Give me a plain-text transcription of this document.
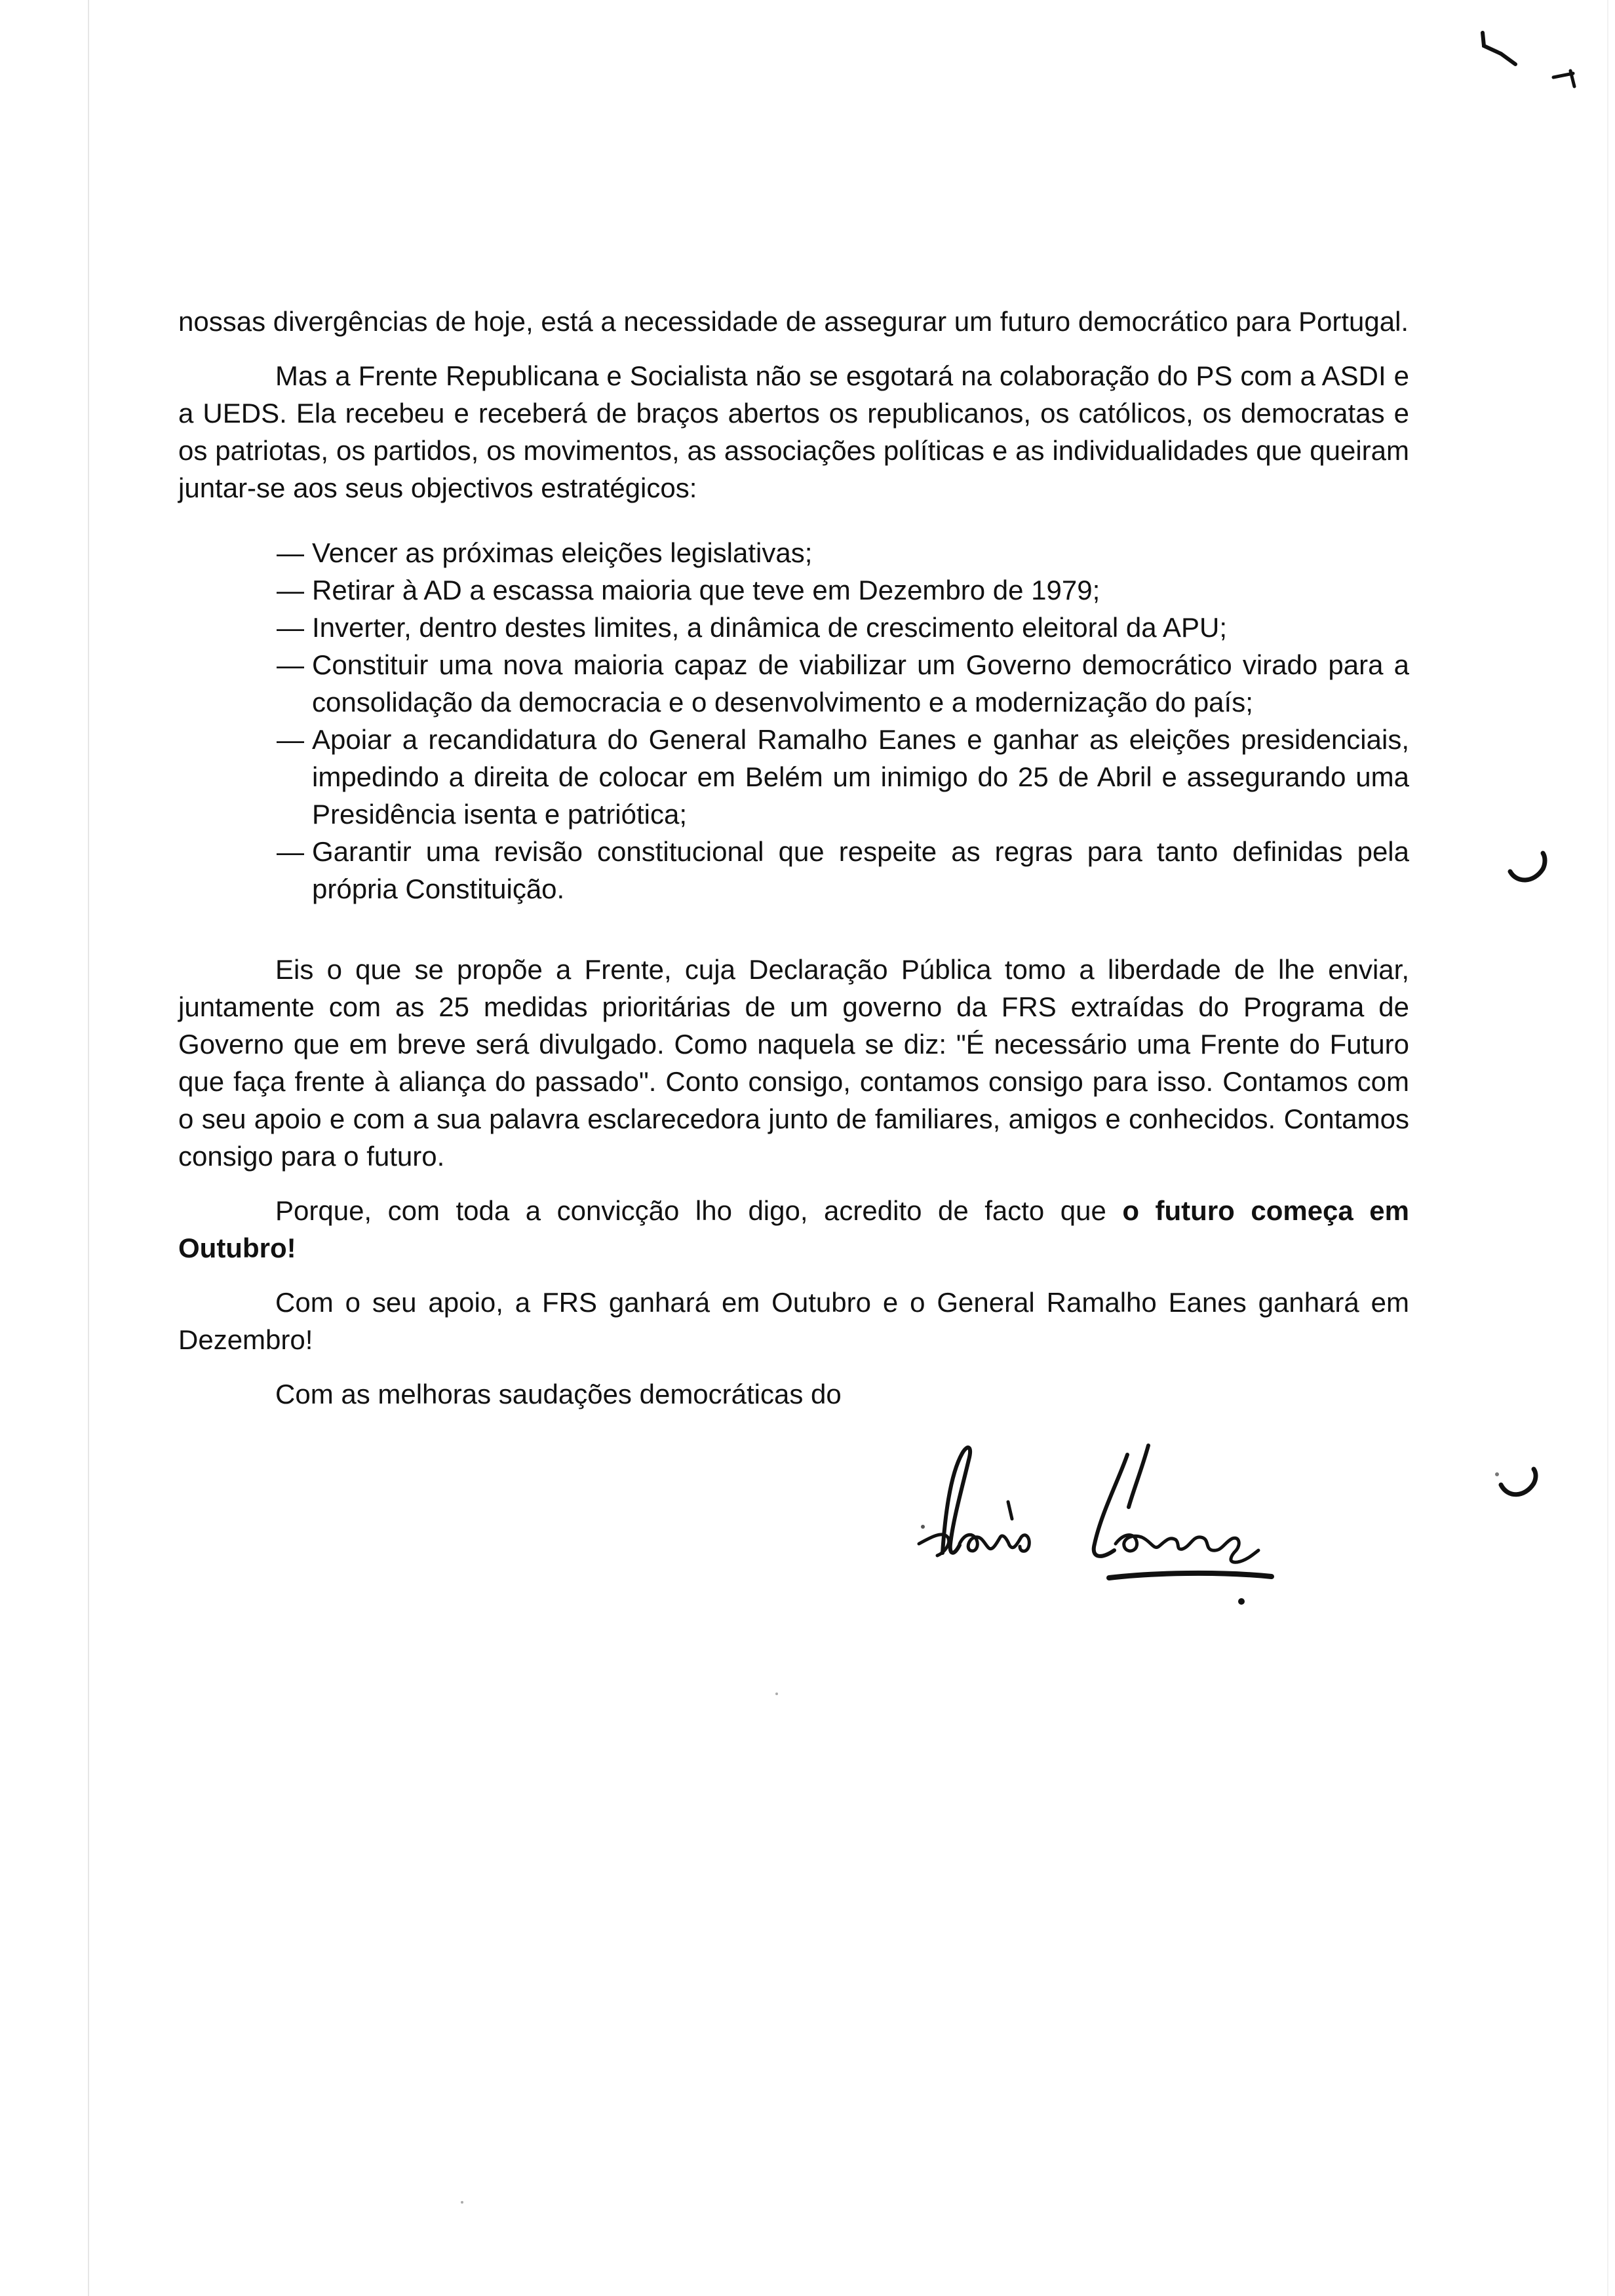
nossas divergências de hoje, está a necessidade de assegurar um futuro democrático para Portugal.

Mas a Frente Republicana e Socialista não se esgotará na colaboração do PS com a ASDI e a UEDS. Ela recebeu e receberá de braços abertos os republicanos, os católicos, os democratas e os patriotas, os partidos, os movimentos, as associações políticas e as individualidades que queiram juntar-se aos seus objectivos estratégicos:

— Vencer as próximas eleições legislativas;
— Retirar à AD a escassa maioria que teve em Dezembro de 1979;
— Inverter, dentro destes limites, a dinâmica de crescimento eleitoral da APU;
— Constituir uma nova maioria capaz de viabilizar um Governo democrático virado para a consolidação da democracia e o desenvolvimento e a modernização do país;
— Apoiar a recandidatura do General Ramalho Eanes e ganhar as eleições presidenciais, impedindo a direita de colocar em Belém um inimigo do 25 de Abril e assegurando uma Presidência isenta e patriótica;
— Garantir uma revisão constitucional que respeite as regras para tanto definidas pela própria Constituição.

Eis o que se propõe a Frente, cuja Declaração Pública tomo a liberdade de lhe enviar, juntamente com as 25 medidas prioritárias de um governo da FRS extraídas do Programa de Governo que em breve será divulgado. Como naquela se diz: "É necessário uma Frente do Futuro que faça frente à aliança do passado". Conto consigo, contamos consigo para isso. Contamos com o seu apoio e com a sua palavra esclarecedora junto de familiares, amigos e conhecidos. Contamos consigo para o futuro.

Porque, com toda a convicção lho digo, acredito de facto que o futuro começa em Outubro!

Com o seu apoio, a FRS ganhará em Outubro e o General Ramalho Eanes ganhará em Dezembro!

Com as melhoras saudações democráticas do
